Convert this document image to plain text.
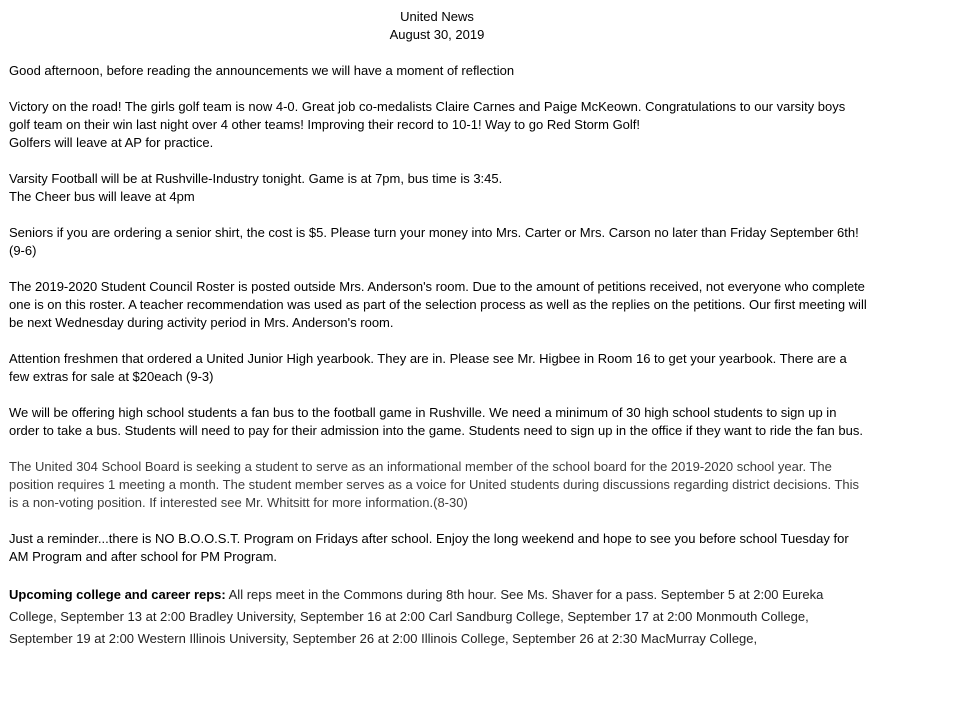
United News
August 30, 2019

Good afternoon, before reading the announcements we will have a moment of reflection

Victory on the road! The girls golf team is now 4-0. Great job co-medalists Claire Carnes and Paige McKeown. Congratulations to our varsity boys golf team on their win last night over 4 other teams! Improving their record to 10-1! Way to go Red Storm Golf!
Golfers will leave at AP for practice.

Varsity Football will be at Rushville-Industry tonight. Game is at 7pm, bus time is 3:45.
The Cheer bus will leave at 4pm

Seniors if you are ordering a senior shirt, the cost is $5. Please turn your money into Mrs. Carter or Mrs. Carson no later than Friday September 6th! (9-6)

The 2019-2020 Student Council Roster is posted outside Mrs. Anderson's room. Due to the amount of petitions received, not everyone who complete one is on this roster. A teacher recommendation was used as part of the selection process as well as the replies on the petitions. Our first meeting will be next Wednesday during activity period in Mrs. Anderson's room.

Attention freshmen that ordered a United Junior High yearbook. They are in. Please see Mr. Higbee in Room 16 to get your yearbook. There are a few extras for sale at $20each (9-3)

We will be offering high school students a fan bus to the football game in Rushville. We need a minimum of 30 high school students to sign up in order to take a bus. Students will need to pay for their admission into the game. Students need to sign up in the office if they want to ride the fan bus.

The United 304 School Board is seeking a student to serve as an informational member of the school board for the 2019-2020 school year. The position requires 1 meeting a month. The student member serves as a voice for United students during discussions regarding district decisions. This is a non-voting position. If interested see Mr. Whitsitt for more information.(8-30)

Just a reminder...there is NO B.O.O.S.T. Program on Fridays after school. Enjoy the long weekend and hope to see you before school Tuesday for AM Program and after school for PM Program.

Upcoming college and career reps: All reps meet in the Commons during 8th hour. See Ms. Shaver for a pass. September 5 at 2:00 Eureka College, September 13 at 2:00 Bradley University, September 16 at 2:00 Carl Sandburg College, September 17 at 2:00 Monmouth College, September 19 at 2:00 Western Illinois University, September 26 at 2:00 Illinois College, September 26 at 2:30 MacMurray College,
